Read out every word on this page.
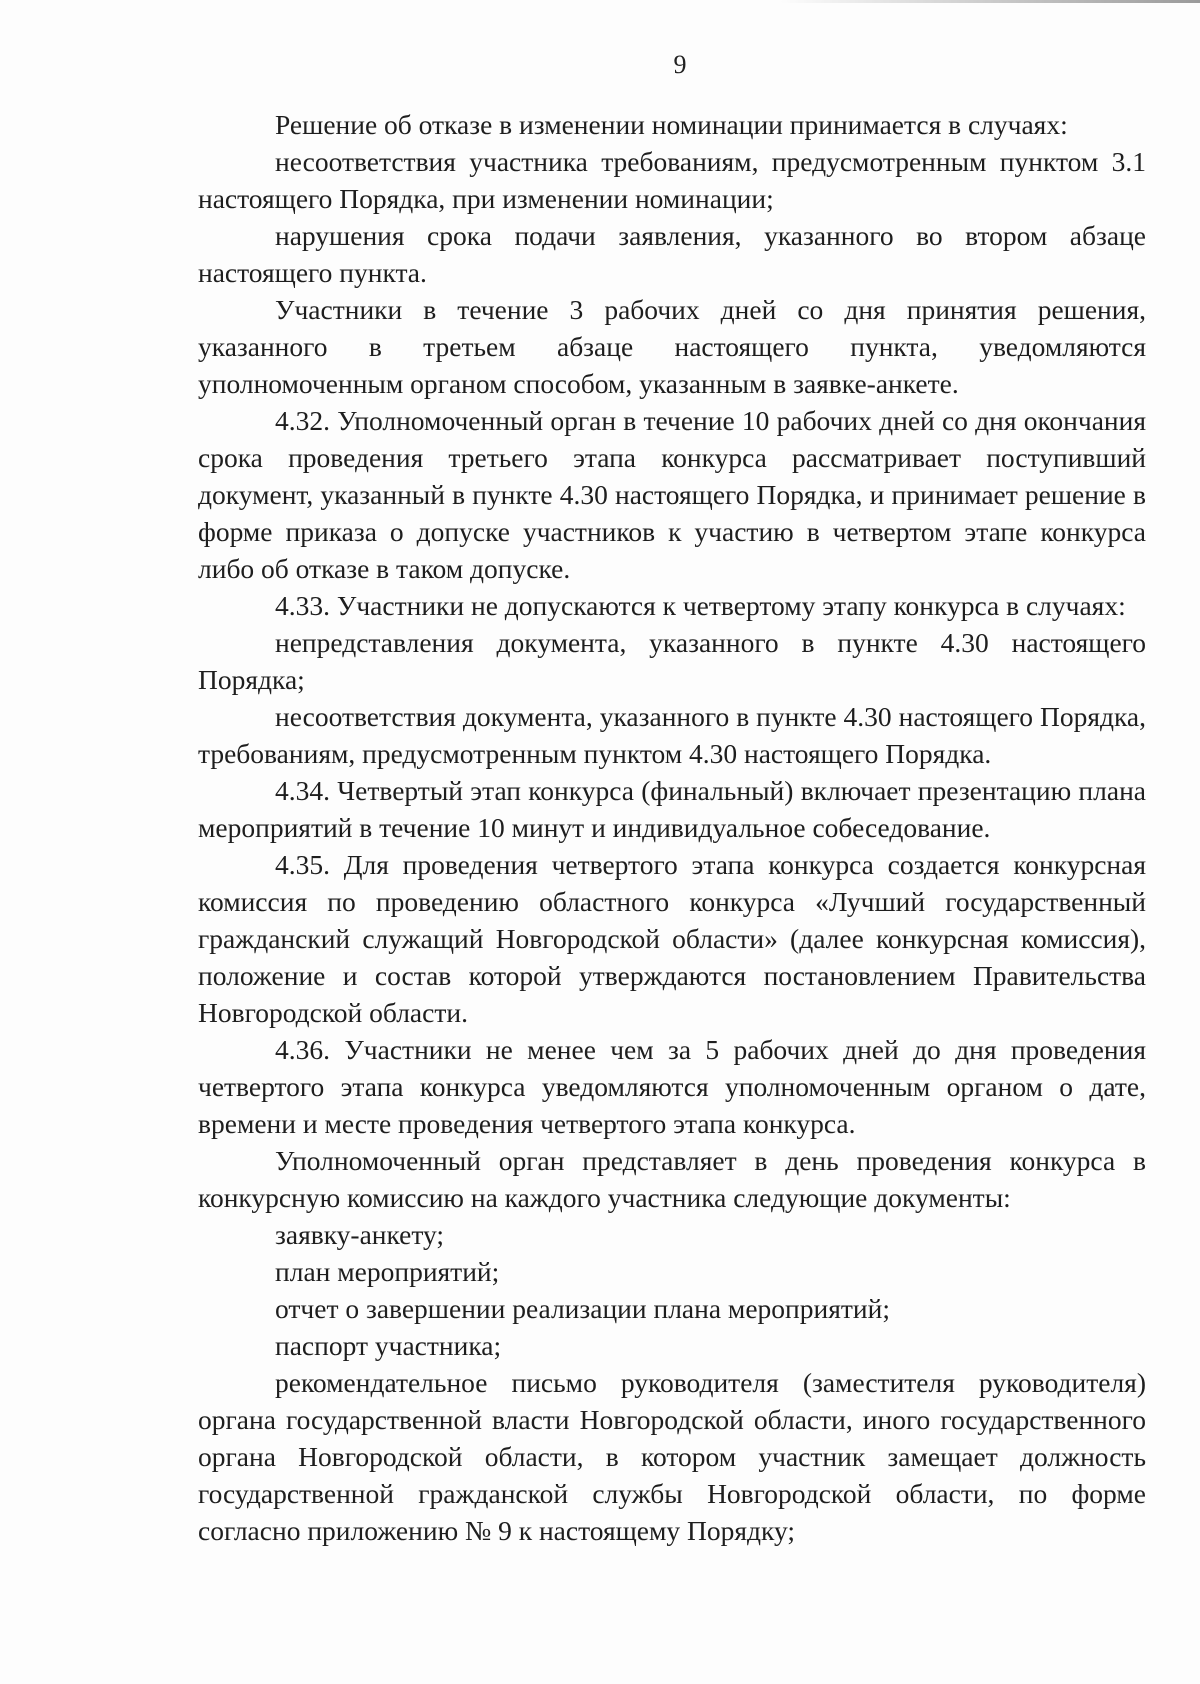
9

Решение об отказе в изменении номинации принимается в случаях:

несоответствия участника требованиям, предусмотренным пунктом 3.1 настоящего Порядка, при изменении номинации;

нарушения срока подачи заявления, указанного во втором абзаце настоящего пункта.

Участники в течение 3 рабочих дней со дня принятия решения, указанного в третьем абзаце настоящего пункта, уведомляются уполномоченным органом способом, указанным в заявке-анкете.

4.32. Уполномоченный орган в течение 10 рабочих дней со дня окончания срока проведения третьего этапа конкурса рассматривает поступивший документ, указанный в пункте 4.30 настоящего Порядка, и принимает решение в форме приказа о допуске участников к участию в четвертом этапе конкурса либо об отказе в таком допуске.

4.33. Участники не допускаются к четвертому этапу конкурса в случаях:

непредставления документа, указанного в пункте 4.30 настоящего Порядка;

несоответствия документа, указанного в пункте 4.30 настоящего Порядка, требованиям, предусмотренным пунктом 4.30 настоящего Порядка.

4.34. Четвертый этап конкурса (финальный) включает презентацию плана мероприятий в течение 10 минут и индивидуальное собеседование.

4.35. Для проведения четвертого этапа конкурса создается конкурсная комиссия по проведению областного конкурса «Лучший государственный гражданский служащий Новгородской области» (далее конкурсная комиссия), положение и состав которой утверждаются постановлением Правительства Новгородской области.

4.36. Участники не менее чем за 5 рабочих дней до дня проведения четвертого этапа конкурса уведомляются уполномоченным органом о дате, времени и месте проведения четвертого этапа конкурса.

Уполномоченный орган представляет в день проведения конкурса в конкурсную комиссию на каждого участника следующие документы:

заявку-анкету;

план мероприятий;

отчет о завершении реализации плана мероприятий;

паспорт участника;

рекомендательное письмо руководителя (заместителя руководителя) органа государственной власти Новгородской области, иного государственного органа Новгородской области, в котором участник замещает должность государственной гражданской службы Новгородской области, по форме согласно приложению № 9 к настоящему Порядку;
